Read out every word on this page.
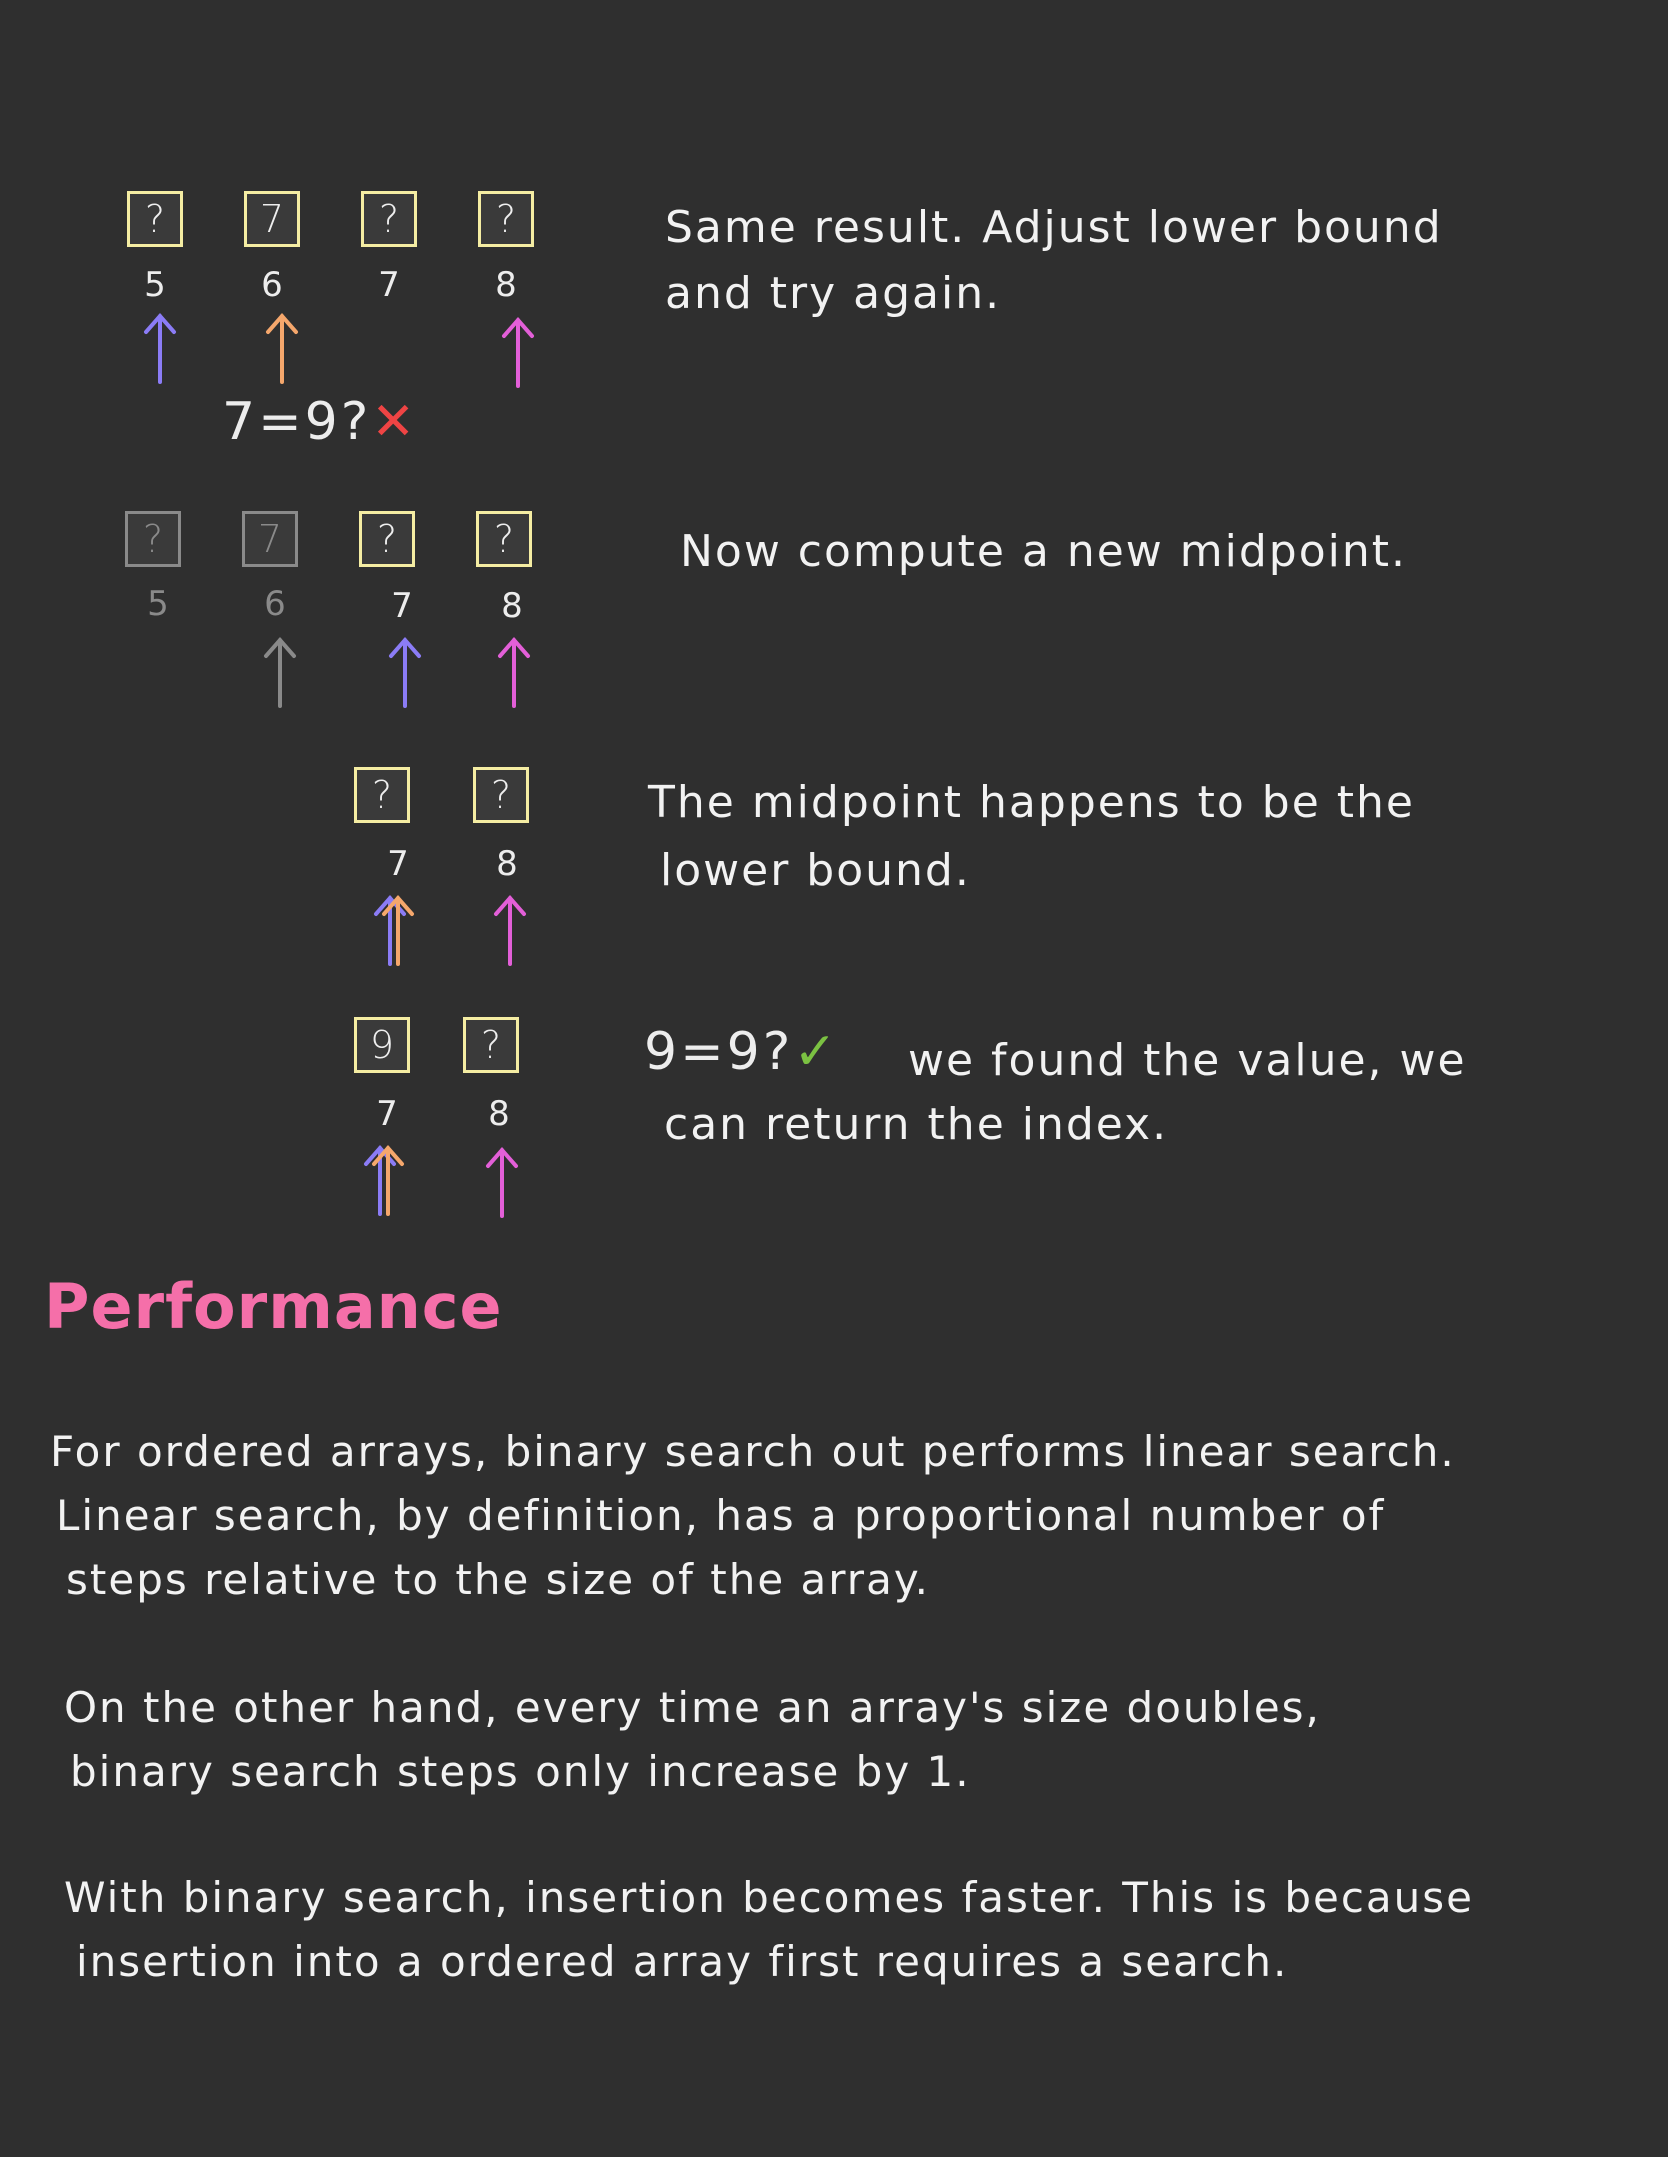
?	7	?	?
5	6	7	8
7=9?✕
Same result. Adjust lower bound
and try again.
?	7	?	?
5	6	7	8
Now compute a new midpoint.
?	?
7	8
The midpoint happens to be the
lower bound.
9	?
7	8
9=9?✓ we found the value, we
can return the index.
Performance
For ordered arrays, binary search out performs linear search.
Linear search, by definition, has a proportional number of
steps relative to the size of the array.
On the other hand, every time an array's size doubles,
binary search steps only increase by 1.
With binary search, insertion becomes faster. This is because
insertion into a ordered array first requires a search.
